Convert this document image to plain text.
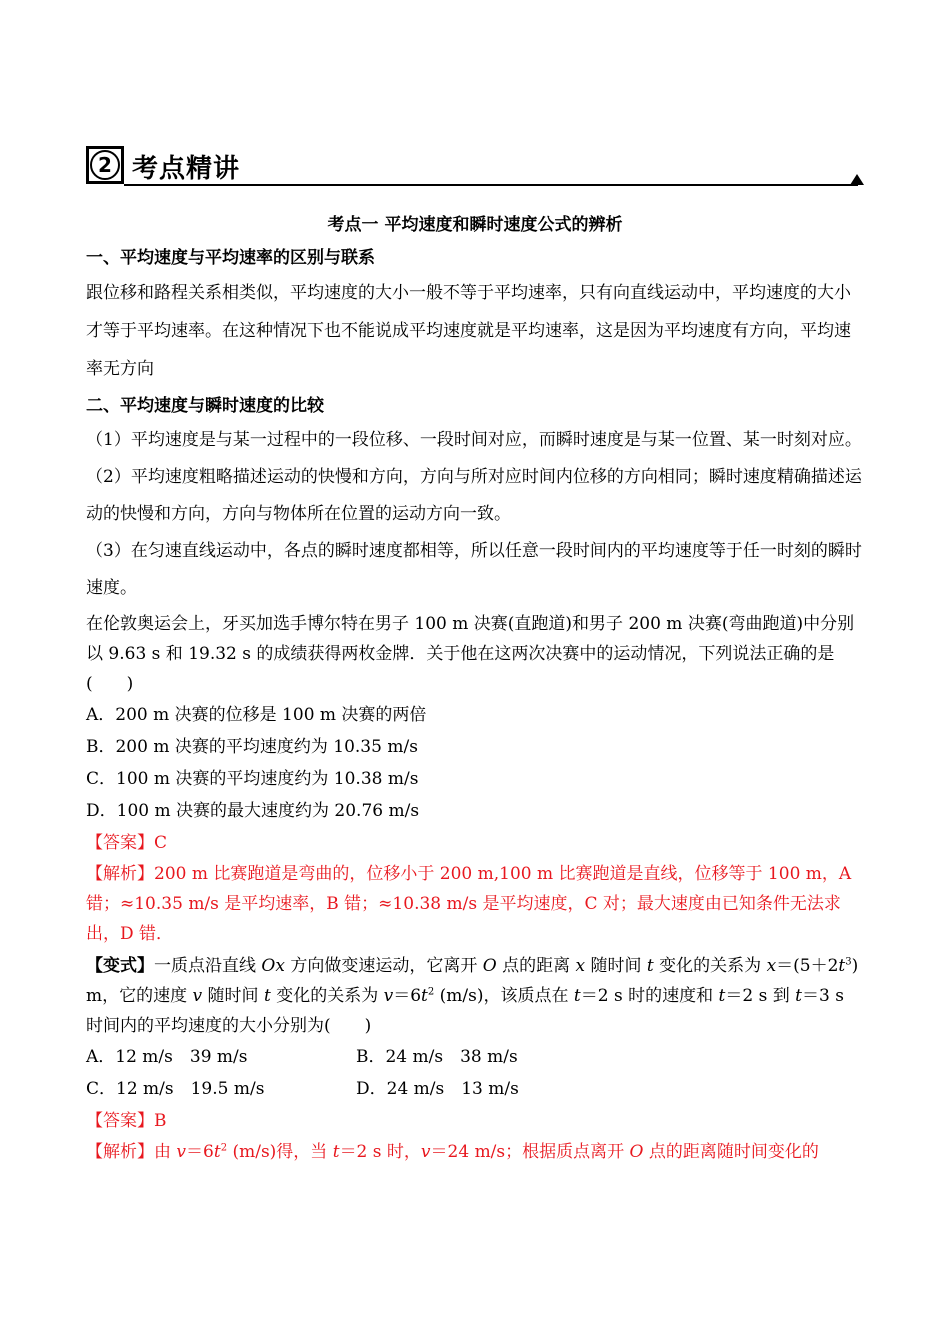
2 考点精讲
考点一 平均速度和瞬时速度公式的辨析
一、平均速度与平均速率的区别与联系
跟位移和路程关系相类似，平均速度的大小一般不等于平均速率，只有向直线运动中，平均速度的大小才等于平均速率。在这种情况下也不能说成平均速度就是平均速率，这是因为平均速度有方向，平均速率无方向
二、平均速度与瞬时速度的比较
（1）平均速度是与某一过程中的一段位移、一段时间对应，而瞬时速度是与某一位置、某一时刻对应。
（2）平均速度粗略描述运动的快慢和方向，方向与所对应时间内位移的方向相同；瞬时速度精确描述运动的快慢和方向，方向与物体所在位置的运动方向一致。
（3）在匀速直线运动中，各点的瞬时速度都相等，所以任意一段时间内的平均速度等于任一时刻的瞬时速度。
在伦敦奥运会上，牙买加选手博尔特在男子 100 m 决赛(直跑道)和男子 200 m 决赛(弯曲跑道)中分别以 9.63 s 和 19.32 s 的成绩获得两枚金牌．关于他在这两次决赛中的运动情况，下列说法正确的是(　　)
A．200 m 决赛的位移是 100 m 决赛的两倍
B．200 m 决赛的平均速度约为 10.35 m/s
C．100 m 决赛的平均速度约为 10.38 m/s
D．100 m 决赛的最大速度约为 20.76 m/s
【答案】C
【解析】200 m 比赛跑道是弯曲的，位移小于 200 m,100 m 比赛跑道是直线，位移等于 100 m，A 错；≈10.35 m/s 是平均速率，B 错；≈10.38 m/s 是平均速度，C 对；最大速度由已知条件无法求出，D 错．
【变式】一质点沿直线 Ox 方向做变速运动，它离开 O 点的距离 x 随时间 t 变化的关系为 $x=(5+2t^3)$ m，它的速度 v 随时间 t 变化的关系为 $v=6t^2$ (m/s)，该质点在 t＝2 s 时的速度和 t＝2 s 到 t＝3 s 时间内的平均速度的大小分别为(　　)
A．12 m/s　39 m/s	B．24 m/s　38 m/s
C．12 m/s　19.5 m/s	D．24 m/s　13 m/s
【答案】B
【解析】由 $v=6t^2$ (m/s)得，当 t＝2 s 时，v＝24 m/s；根据质点离开 O 点的距离随时间变化的
